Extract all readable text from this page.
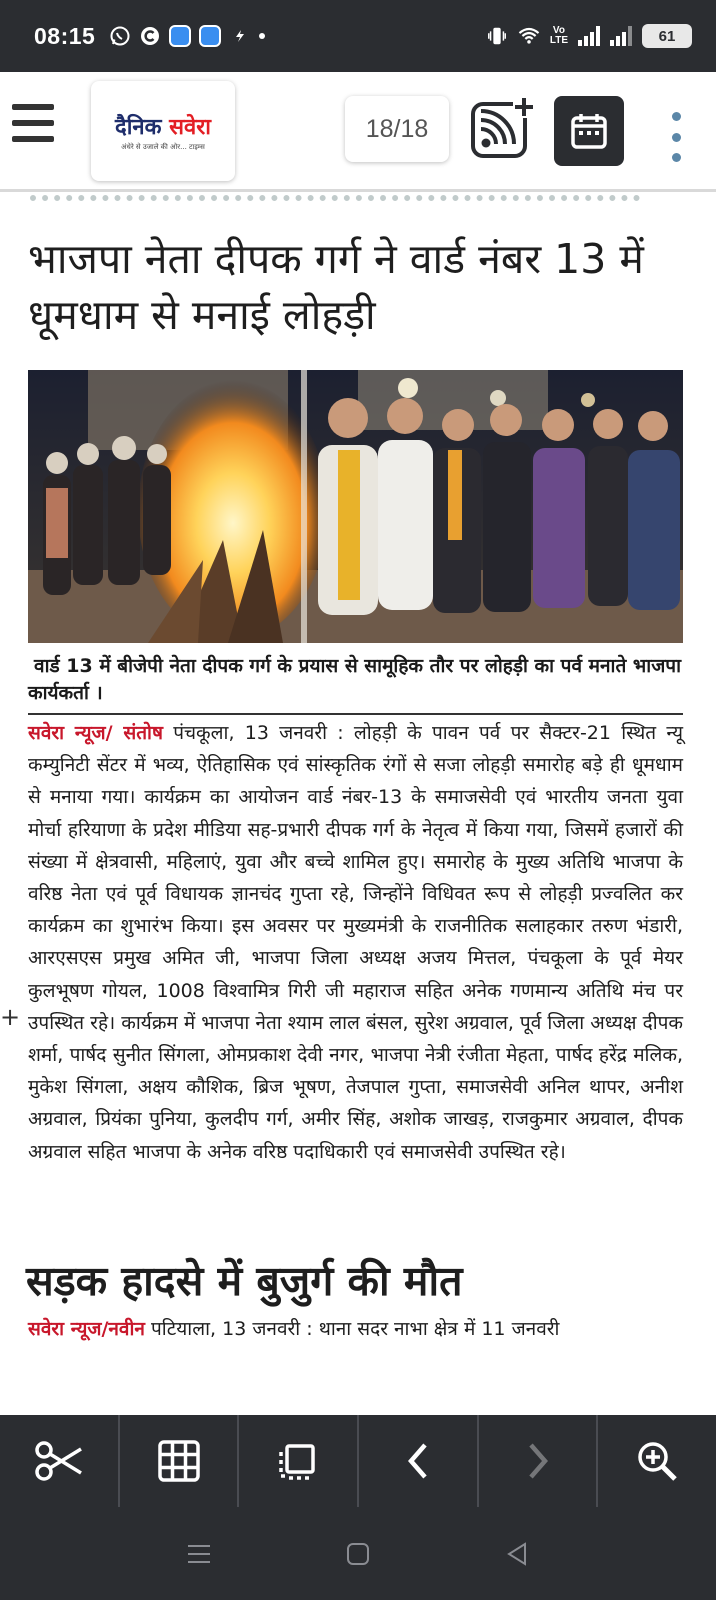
08:15	Vo
LTE	61
दैनिक सवेरा
अंधेरे से उजाले की ओर... टाइम्स
18/18
भाजपा नेता दीपक गर्ग ने वार्ड नंबर 13 में धूमधाम से मनाई लोहड़ी
वार्ड 13 में बीजेपी नेता दीपक गर्ग के प्रयास से सामूहिक तौर पर लोहड़ी का पर्व मनाते भाजपा कार्यकर्ता ।

सवेरा न्यूज/ संतोष पंचकूला, 13 जनवरी : लोहड़ी के पावन पर्व पर सैक्टर-21 स्थित न्यू कम्युनिटी सेंटर में भव्य, ऐतिहासिक एवं सांस्कृतिक रंगों से सजा लोहड़ी समारोह बड़े ही धूमधाम से मनाया गया। कार्यक्रम का आयोजन वार्ड नंबर-13 के समाजसेवी एवं भारतीय जनता युवा मोर्चा हरियाणा के प्रदेश मीडिया सह-प्रभारी दीपक गर्ग के नेतृत्व में किया गया, जिसमें हजारों की संख्या में क्षेत्रवासी, महिलाएं, युवा और बच्चे शामिल हुए। समारोह के मुख्य अतिथि भाजपा के वरिष्ठ नेता एवं पूर्व विधायक ज्ञानचंद गुप्ता रहे, जिन्होंने विधिवत रूप से लोहड़ी प्रज्वलित कर कार्यक्रम का शुभारंभ किया। इस अवसर पर मुख्यमंत्री के राजनीतिक सलाहकार तरुण भंडारी, आरएसएस प्रमुख अमित जी, भाजपा जिला अध्यक्ष अजय मित्तल, पंचकूला के पूर्व मेयर कुलभूषण गोयल, 1008 विश्वामित्र गिरी जी महाराज सहित अनेक गणमान्य अतिथि मंच पर उपस्थित रहे। कार्यक्रम में भाजपा नेता श्याम लाल बंसल, सुरेश अग्रवाल, पूर्व जिला अध्यक्ष दीपक शर्मा, पार्षद सुनीत सिंगला, ओमप्रकाश देवी नगर, भाजपा नेत्री रंजीता मेहता, पार्षद हरेंद्र मलिक, मुकेश सिंगला, अक्षय कौशिक, ब्रिज भूषण, तेजपाल गुप्ता, समाजसेवी अनिल थापर, अनीश अग्रवाल, प्रियंका पुनिया, कुलदीप गर्ग, अमीर सिंह, अशोक जाखड़, राजकुमार अग्रवाल, दीपक अग्रवाल सहित भाजपा के अनेक वरिष्ठ पदाधिकारी एवं समाजसेवी उपस्थित रहे।

सड़क हादसे में बुजुर्ग की मौत
सवेरा न्यूज/नवीन पटियाला, 13 जनवरी : थाना सदर नाभा क्षेत्र में 11 जनवरी
+
